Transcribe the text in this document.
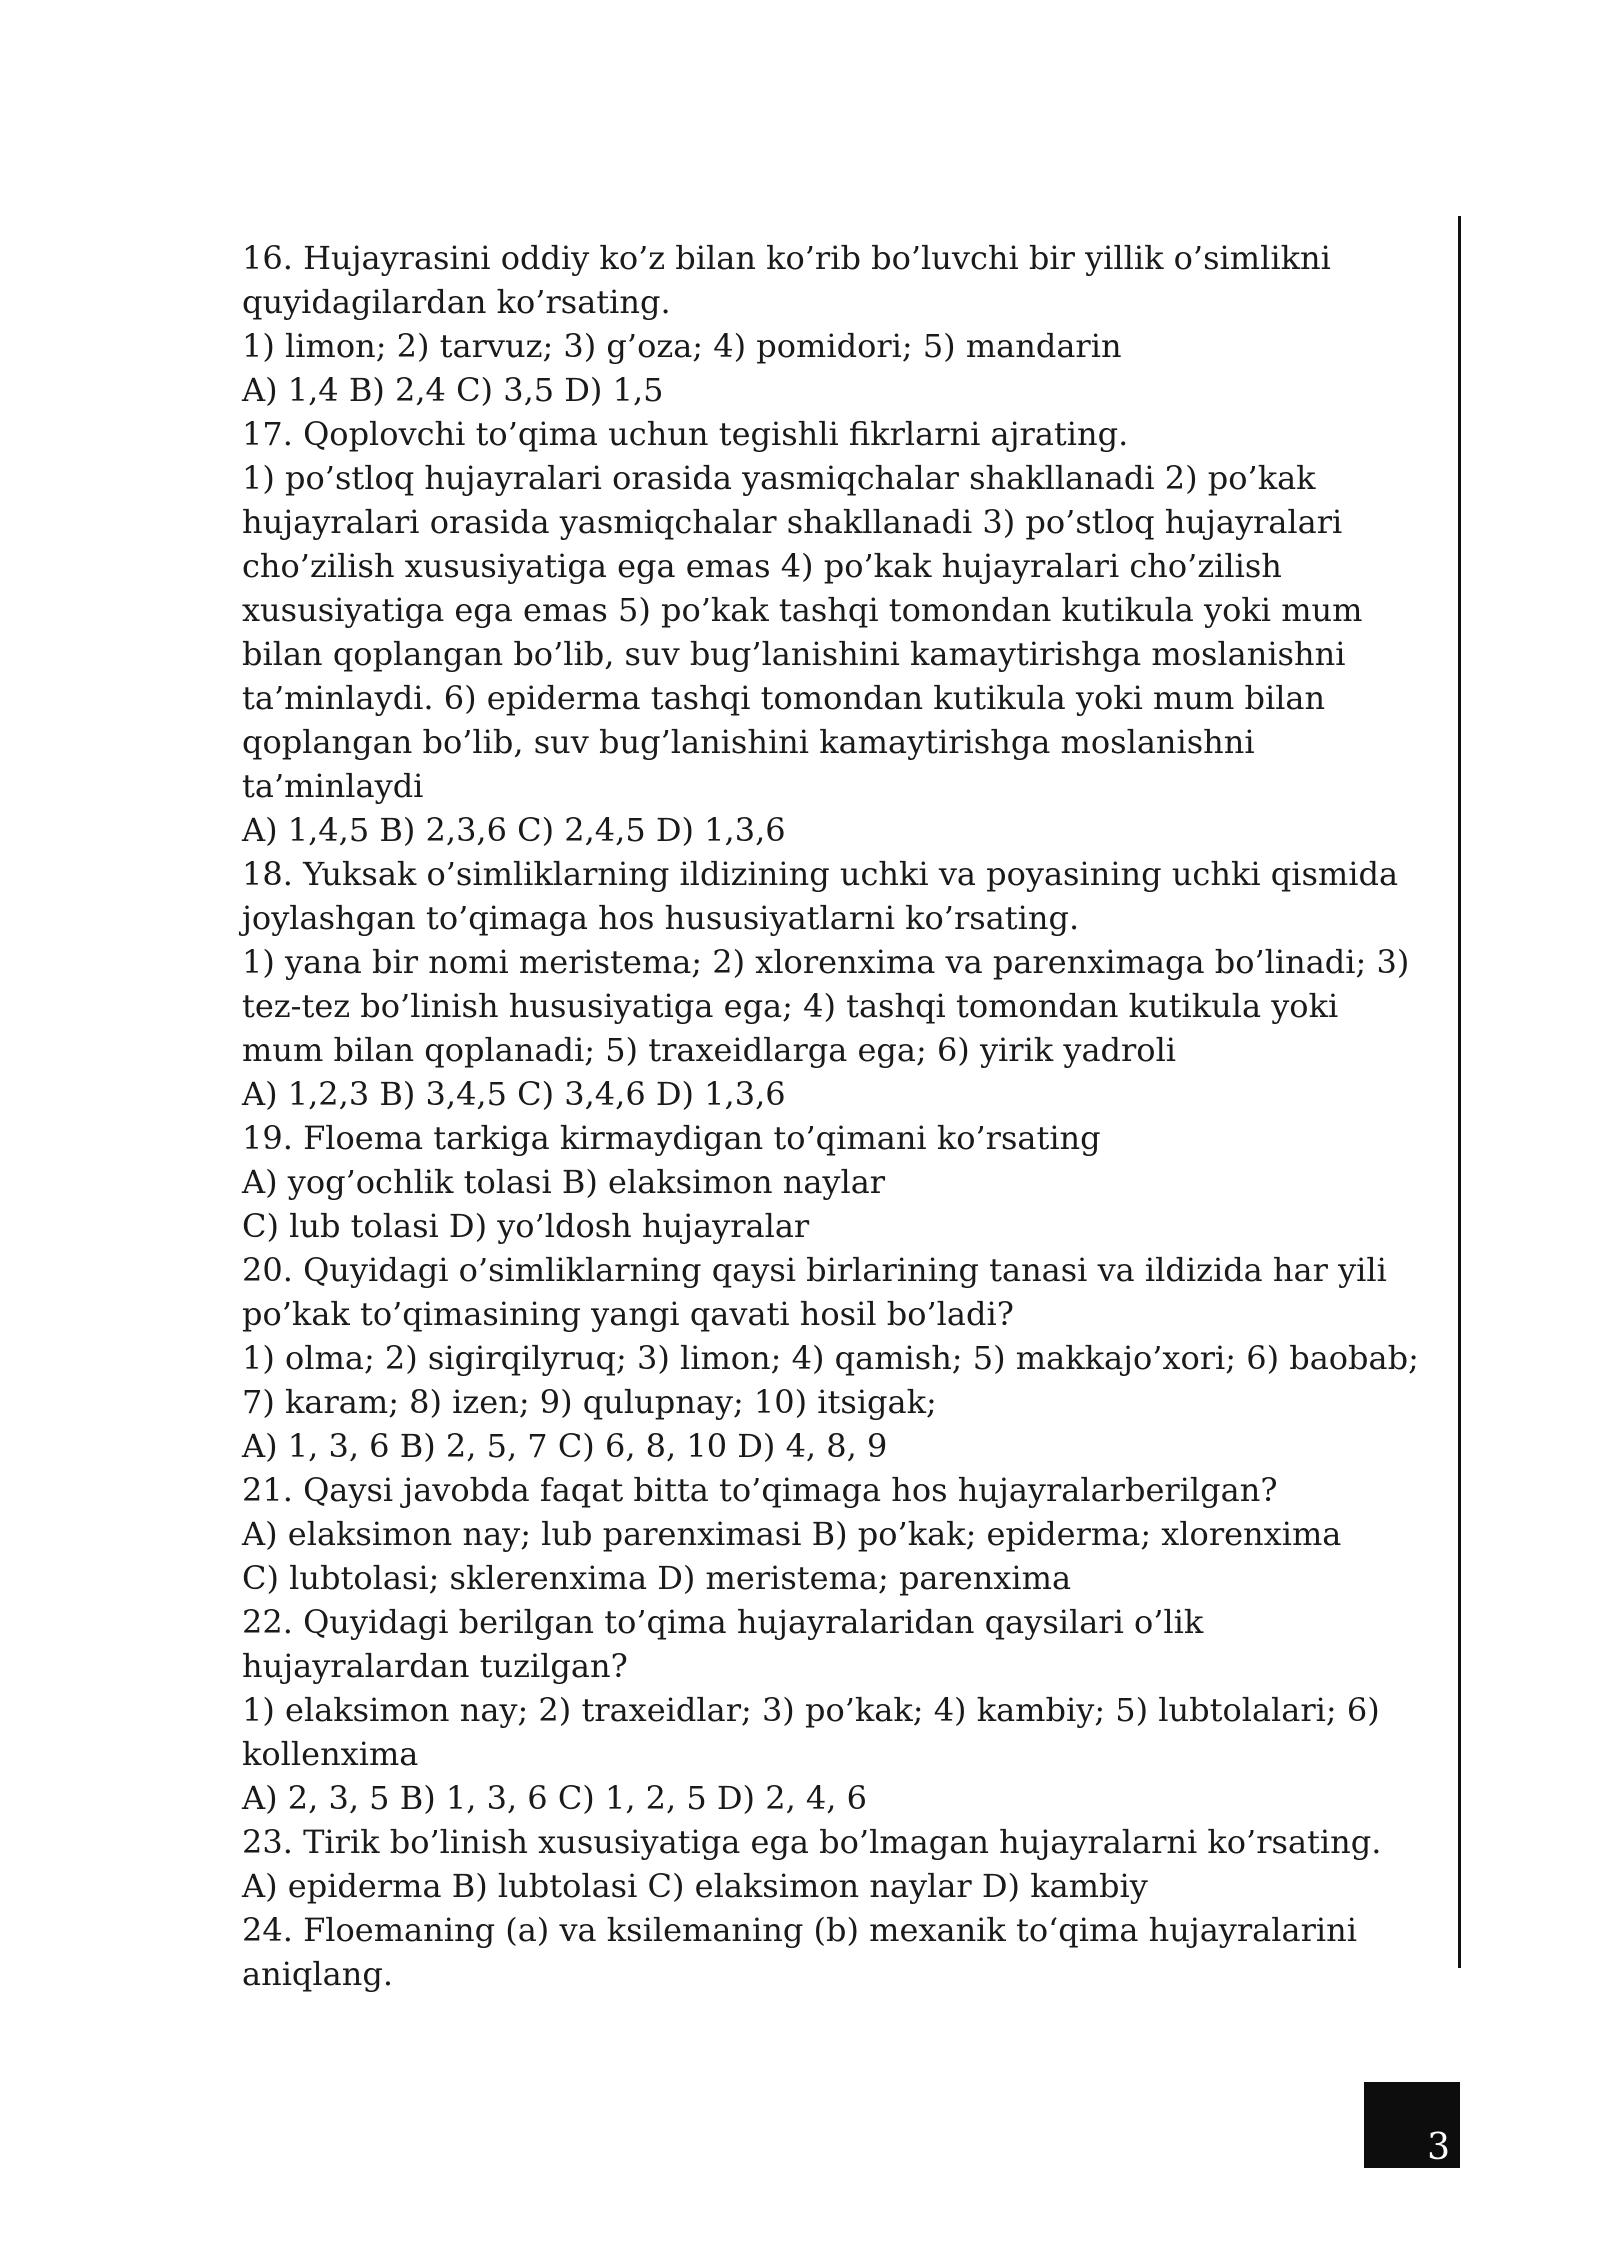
16. Hujayrasini oddiy ko’z bilan ko’rib bo’luvchi bir yillik o’simlikni
quyidagilardan ko’rsating.
1) limon; 2) tarvuz; 3) g’oza; 4) pomidori; 5) mandarin
A) 1,4 B) 2,4 C) 3,5 D) 1,5
17. Qoplovchi to’qima uchun tegishli fikrlarni ajrating.
1) po’stloq hujayralari orasida yasmiqchalar shakllanadi 2) po’kak
hujayralari orasida yasmiqchalar shakllanadi 3) po’stloq hujayralari
cho’zilish xususiyatiga ega emas 4) po’kak hujayralari cho’zilish
xususiyatiga ega emas 5) po’kak tashqi tomondan kutikula yoki mum
bilan qoplangan bo’lib, suv bug’lanishini kamaytirishga moslanishni
ta’minlaydi. 6) epiderma tashqi tomondan kutikula yoki mum bilan
qoplangan bo’lib, suv bug’lanishini kamaytirishga moslanishni
ta’minlaydi
A) 1,4,5 B) 2,3,6 C) 2,4,5 D) 1,3,6
18. Yuksak o’simliklarning ildizining uchki va poyasining uchki qismida
joylashgan to’qimaga hos hususiyatlarni ko’rsating.
1) yana bir nomi meristema; 2) xlorenxima va parenximaga bo’linadi; 3)
tez-tez bo’linish hususiyatiga ega; 4) tashqi tomondan kutikula yoki
mum bilan qoplanadi; 5) traxeidlarga ega; 6) yirik yadroli
A) 1,2,3 B) 3,4,5 C) 3,4,6 D) 1,3,6
19. Floema tarkiga kirmaydigan to’qimani ko’rsating
A) yog’ochlik tolasi B) elaksimon naylar
C) lub tolasi D) yo’ldosh hujayralar
20. Quyidagi o’simliklarning qaysi birlarining tanasi va ildizida har yili
po’kak to’qimasining yangi qavati hosil bo’ladi?
1) olma; 2) sigirqilyruq; 3) limon; 4) qamish; 5) makkajo’xori; 6) baobab;
7) karam; 8) izen; 9) qulupnay; 10) itsigak;
A) 1, 3, 6 B) 2, 5, 7 C) 6, 8, 10 D) 4, 8, 9
21. Qaysi javobda faqat bitta to’qimaga hos hujayralarberilgan?
A) elaksimon nay; lub parenximasi B) po’kak; epiderma; xlorenxima
C) lubtolasi; sklerenxima D) meristema; parenxima
22. Quyidagi berilgan to’qima hujayralaridan qaysilari o’lik
hujayralardan tuzilgan?
1) elaksimon nay; 2) traxeidlar; 3) po’kak; 4) kambiy; 5) lubtolalari; 6)
kollenxima
A) 2, 3, 5 B) 1, 3, 6 C) 1, 2, 5 D) 2, 4, 6
23. Tirik bo’linish xususiyatiga ega bo’lmagan hujayralarni ko’rsating.
A) epiderma B) lubtolasi C) elaksimon naylar D) kambiy
24. Floemaning (a) va ksilemaning (b) mexanik to‘qima hujayralarini
aniqlang.
3
